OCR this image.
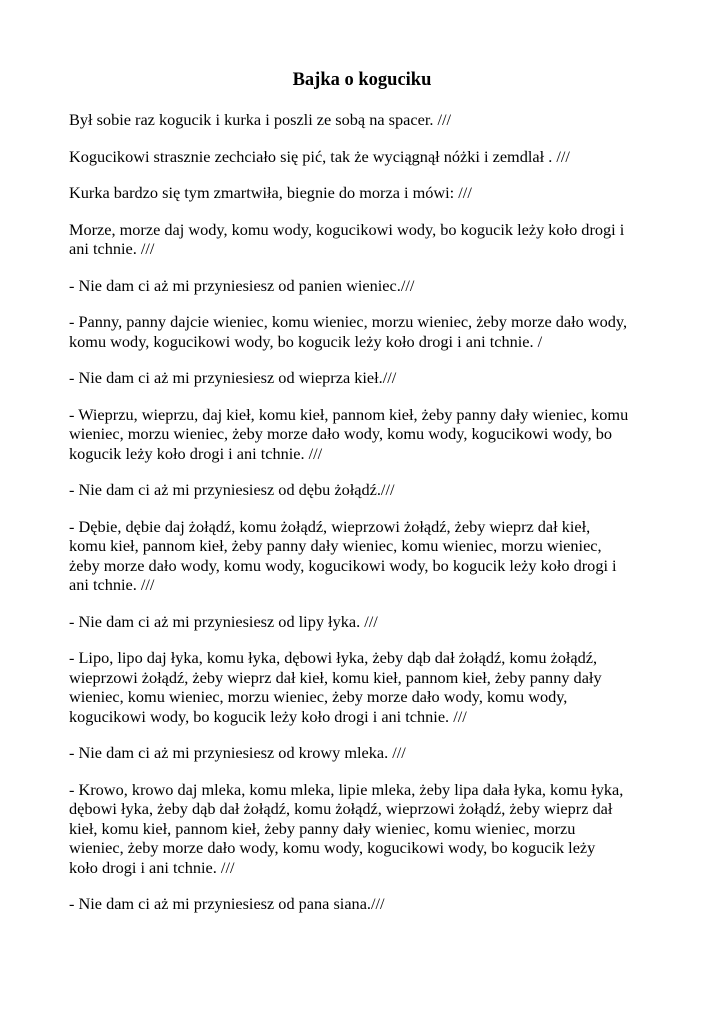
Bajka o koguciku

Był sobie raz kogucik i kurka i poszli ze sobą na spacer. ///

Kogucikowi strasznie zechciało się pić, tak że wyciągnął nóżki i zemdlał . ///

Kurka bardzo się tym zmartwiła, biegnie do morza i mówi: ///

Morze, morze daj wody, komu wody, kogucikowi wody, bo kogucik leży koło drogi i
ani tchnie. ///

- Nie dam ci aż mi przyniesiesz od panien wieniec.///

- Panny, panny dajcie wieniec, komu wieniec, morzu wieniec, żeby morze dało wody,
komu wody, kogucikowi wody, bo kogucik leży koło drogi i ani tchnie. /

- Nie dam ci aż mi przyniesiesz od wieprza kieł.///

- Wieprzu, wieprzu, daj kieł, komu kieł, pannom kieł, żeby panny dały wieniec, komu
wieniec, morzu wieniec, żeby morze dało wody, komu wody, kogucikowi wody, bo
kogucik leży koło drogi i ani tchnie. ///

- Nie dam ci aż mi przyniesiesz od dębu żołądź.///

- Dębie, dębie daj żołądź, komu żołądź, wieprzowi żołądź, żeby wieprz dał kieł,
komu kieł, pannom kieł, żeby panny dały wieniec, komu wieniec, morzu wieniec,
żeby morze dało wody, komu wody, kogucikowi wody, bo kogucik leży koło drogi i
ani tchnie. ///

- Nie dam ci aż mi przyniesiesz od lipy łyka. ///

- Lipo, lipo daj łyka, komu łyka, dębowi łyka, żeby dąb dał żołądź, komu żołądź,
wieprzowi żołądź, żeby wieprz dał kieł, komu kieł, pannom kieł, żeby panny dały
wieniec, komu wieniec, morzu wieniec, żeby morze dało wody, komu wody,
kogucikowi wody, bo kogucik leży koło drogi i ani tchnie. ///

- Nie dam ci aż mi przyniesiesz od krowy mleka. ///

- Krowo, krowo daj mleka, komu mleka, lipie mleka, żeby lipa dała łyka, komu łyka,
dębowi łyka, żeby dąb dał żołądź, komu żołądź, wieprzowi żołądź, żeby wieprz dał
kieł, komu kieł, pannom kieł, żeby panny dały wieniec, komu wieniec, morzu
wieniec, żeby morze dało wody, komu wody, kogucikowi wody, bo kogucik leży
koło drogi i ani tchnie. ///

- Nie dam ci aż mi przyniesiesz od pana siana.///
